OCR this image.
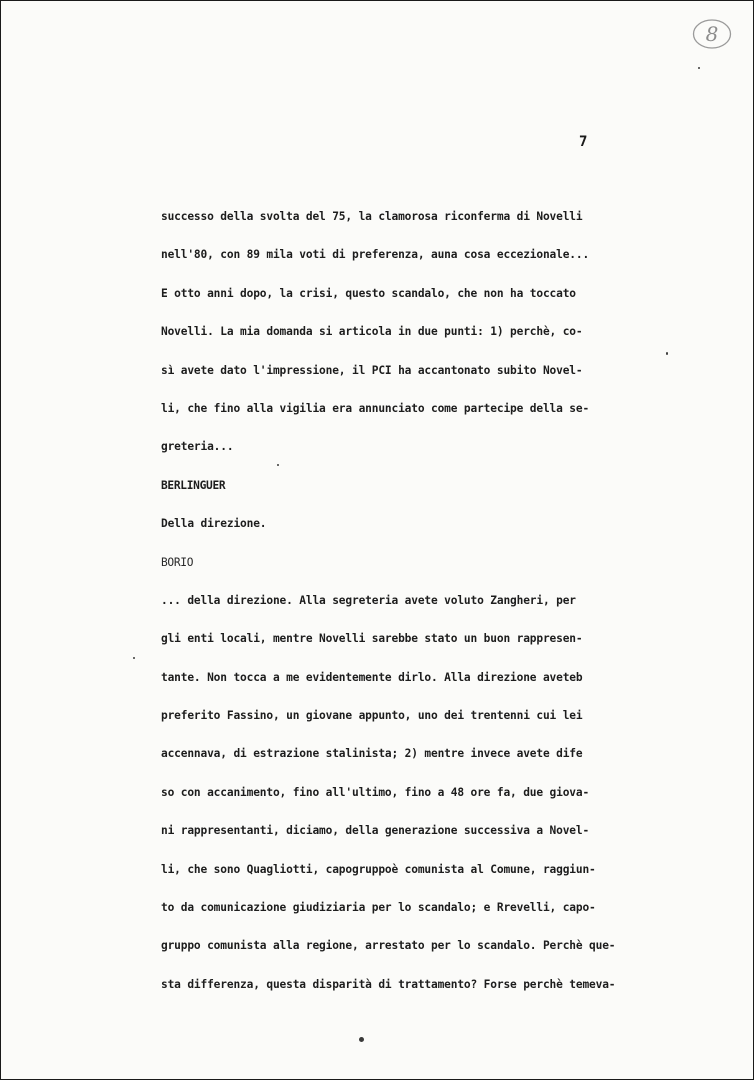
8
7
successo della svolta del 75, la clamorosa riconferma di Novelli
nell'80, con 89 mila voti di preferenza, auna cosa eccezionale...
E otto anni dopo, la crisi, questo scandalo, che non ha toccato
Novelli. La mia domanda si articola in due punti: 1) perchè, co-
sì avete dato l'impressione, il PCI ha accantonato subito Novel-
li, che fino alla vigilia era annunciato come partecipe della se-
greteria...
BERLINGUER
Della direzione.
BORIO
... della direzione. Alla segreteria avete voluto Zangheri, per
gli enti locali, mentre Novelli sarebbe stato un buon rappresen-
tante. Non tocca a me evidentemente dirlo. Alla direzione aveteb
preferito Fassino, un giovane appunto, uno dei trentenni cui lei
accennava, di estrazione stalinista; 2) mentre invece avete dife
so con accanimento, fino all'ultimo, fino a 48 ore fa, due giova-
ni rappresentanti, diciamo, della generazione successiva a Novel-
li, che sono Quagliotti, capogruppoè comunista al Comune, raggiun-
to da comunicazione giudiziaria per lo scandalo; e Rrevelli, capo-
gruppo comunista alla regione, arrestato per lo scandalo. Perchè que-
sta differenza, questa disparità di trattamento? Forse perchè temeva-
